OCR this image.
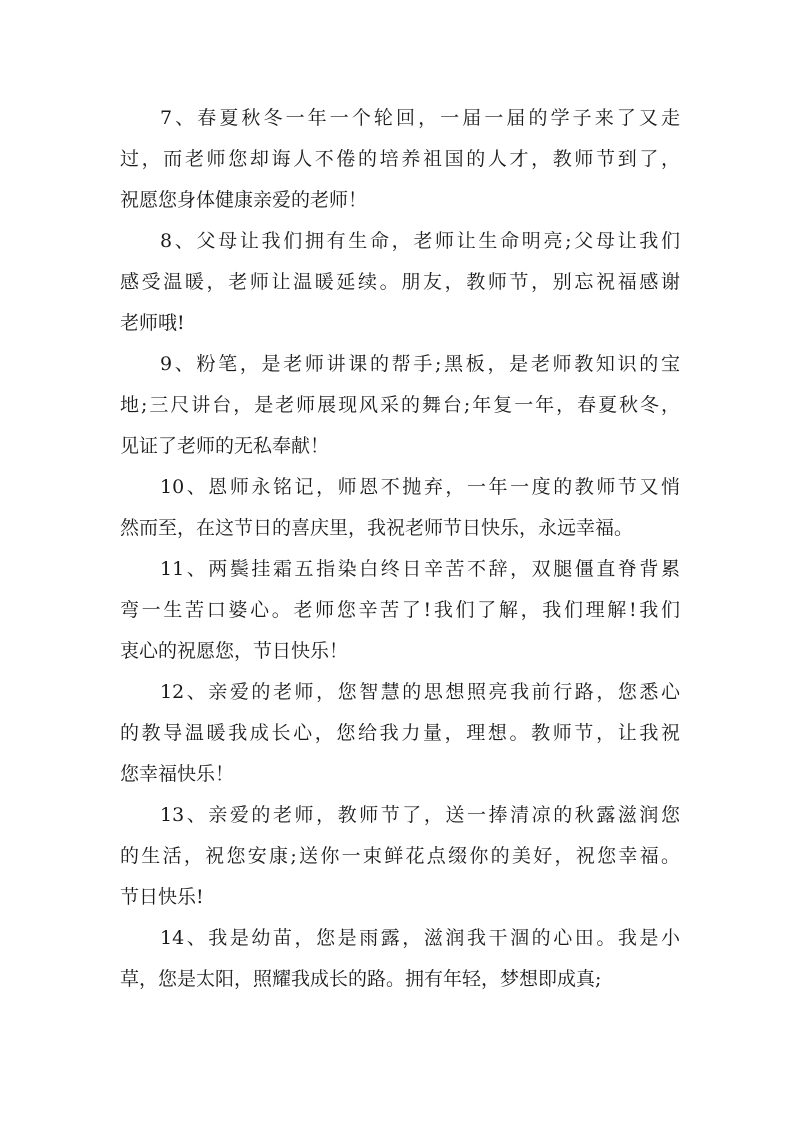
7、春夏秋冬一年一个轮回，一届一届的学子来了又走
过，而老师您却诲人不倦的培养祖国的人才，教师节到了，
祝愿您身体健康亲爱的老师！
8、父母让我们拥有生命，老师让生命明亮;父母让我们
感受温暖，老师让温暖延续。朋友，教师节，别忘祝福感谢
老师哦!
9、粉笔，是老师讲课的帮手;黑板，是老师教知识的宝
地;三尺讲台，是老师展现风采的舞台;年复一年，春夏秋冬，
见证了老师的无私奉献！
10、恩师永铭记，师恩不抛弃，一年一度的教师节又悄
然而至，在这节日的喜庆里，我祝老师节日快乐，永远幸福。
11、两鬓挂霜五指染白终日辛苦不辞，双腿僵直脊背累
弯一生苦口婆心。老师您辛苦了!我们了解，我们理解!我们
衷心的祝愿您，节日快乐！
12、亲爱的老师，您智慧的思想照亮我前行路，您悉心
的教导温暖我成长心，您给我力量，理想。教师节，让我祝
您幸福快乐！
13、亲爱的老师，教师节了，送一捧清凉的秋露滋润您
的生活，祝您安康;送你一束鲜花点缀你的美好，祝您幸福。
节日快乐!
14、我是幼苗，您是雨露，滋润我干涸的心田。我是小
草，您是太阳，照耀我成长的路。拥有年轻，梦想即成真;
